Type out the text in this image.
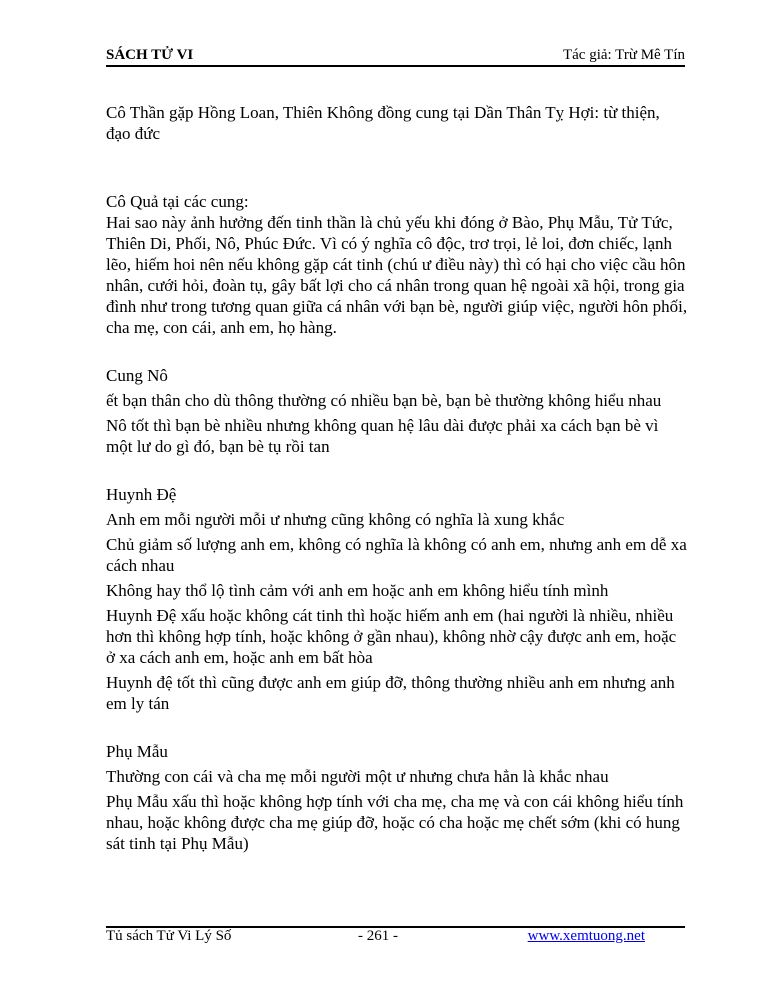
SÁCH TỬ VI	Tác giả: Trừ Mê Tín

Cô Thần gặp Hồng Loan, Thiên Không đồng cung tại Dần Thân Tỵ Hợi: từ thiện, đạo đức

Cô Quả tại các cung:

Hai sao này ảnh hưởng đến tinh thần là chủ yếu khi đóng ở Bào, Phụ Mẫu, Tử Tức, Thiên Di, Phối, Nô, Phúc Đức. Vì có ý nghĩa cô độc, trơ trọi, lẻ loi, đơn chiếc, lạnh lẽo, hiếm hoi nên nếu không gặp cát tinh (chú ư điều này) thì có hại cho việc cầu hôn nhân, cưới hỏi, đoàn tụ, gây bất lợi cho cá nhân trong quan hệ ngoài xã hội, trong gia đình như trong tương quan giữa cá nhân với bạn bè, người giúp việc, người hôn phối, cha mẹ, con cái, anh em, họ hàng.

Cung Nô

ết bạn thân cho dù thông thường có nhiều bạn bè, bạn bè thường không hiểu nhau

Nô tốt thì bạn bè nhiều nhưng không quan hệ lâu dài được phải xa cách bạn bè vì một lư do gì đó, bạn bè tụ rồi tan

Huynh Đệ

Anh em mỗi người mỗi ư nhưng cũng không có nghĩa là xung khắc

Chủ giảm số lượng anh em, không có nghĩa là không có anh em, nhưng anh em dễ xa cách nhau

Không hay thổ lộ tình cảm với anh em hoặc anh em không hiểu tính mình

Huynh Đệ xấu hoặc không cát tinh thì hoặc hiếm anh em (hai người là nhiều, nhiều hơn thì không hợp tính, hoặc không ở gần nhau), không nhờ cậy được anh em, hoặc ở xa cách anh em, hoặc anh em bất hòa

Huynh đệ tốt thì cũng được anh em giúp đỡ, thông thường nhiều anh em nhưng anh em ly tán

Phụ Mẫu

Thường con cái và cha mẹ mỗi người một ư nhưng chưa hẳn là khắc nhau

Phụ Mẫu xấu thì hoặc không hợp tính với cha mẹ, cha mẹ và con cái không hiểu tính nhau, hoặc không được cha mẹ giúp đỡ, hoặc có cha hoặc mẹ chết sớm (khi có hung sát tinh tại Phụ Mẫu)

Tủ sách Tử Vi Lý Số	- 261 -	www.xemtuong.net
